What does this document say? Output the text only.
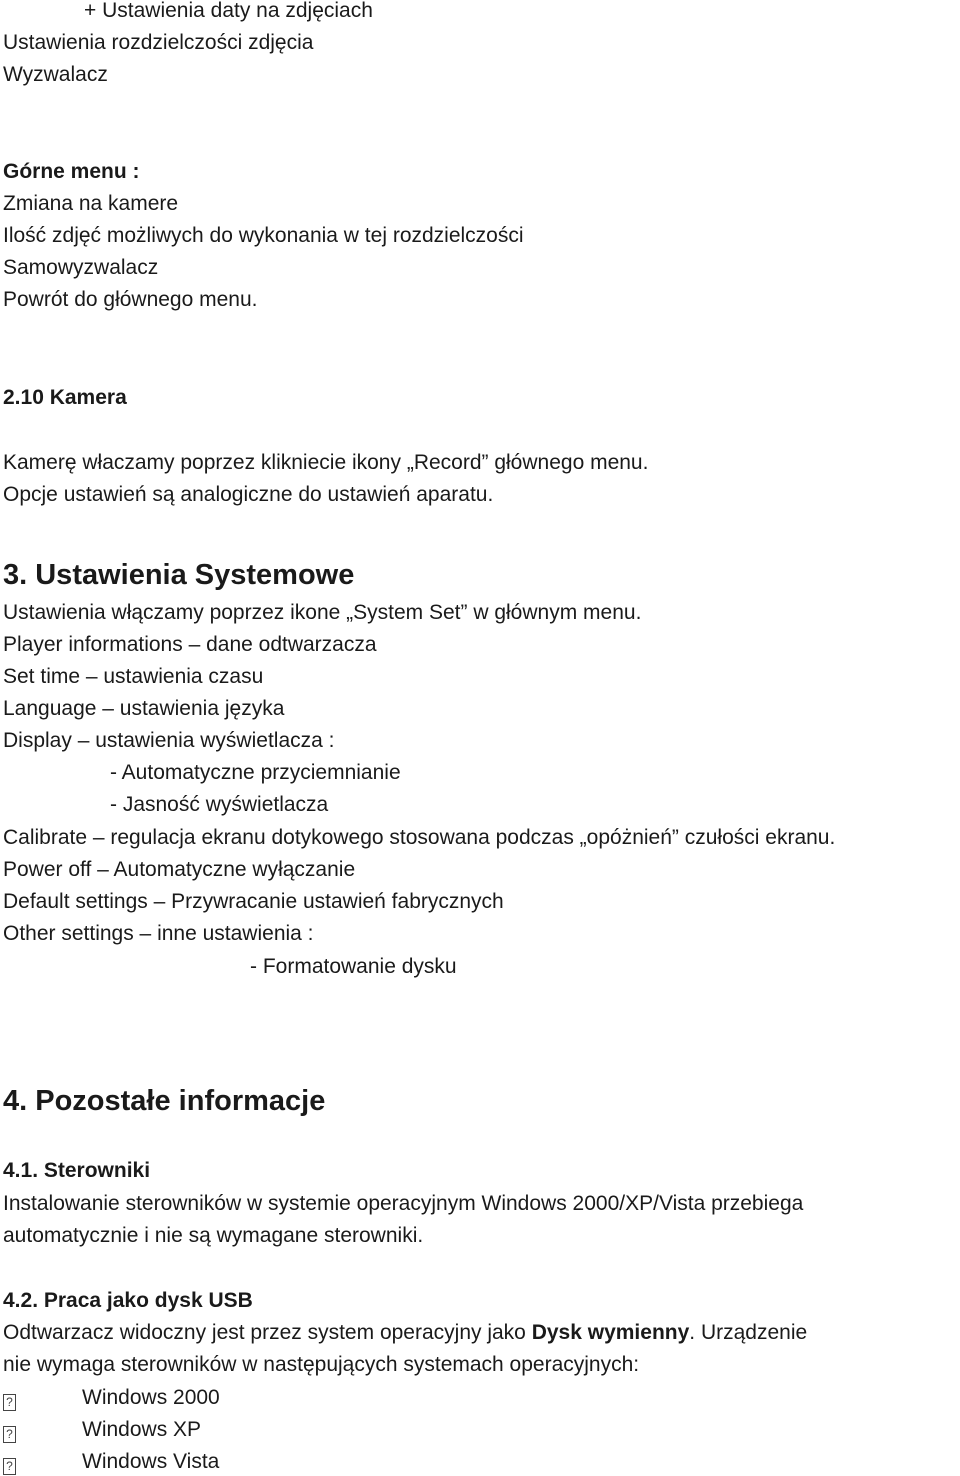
+ Ustawienia daty na zdjęciach
Ustawienia rozdzielczości zdjęcia
Wyzwalacz
Górne menu :
Zmiana na kamere
Ilość zdjęć możliwych do wykonania w tej rozdzielczości
Samowyzwalacz
Powrót do głównego menu.
2.10 Kamera
Kamerę właczamy poprzez klikniecie ikony „Record” głównego menu.
Opcje ustawień są analogiczne do ustawień aparatu.
3. Ustawienia Systemowe
Ustawienia włączamy poprzez ikone „System Set” w głównym menu.
Player informations – dane odtwarzacza
Set time – ustawienia czasu
Language – ustawienia języka
Display – ustawienia wyświetlacza :
- Automatyczne przyciemnianie
- Jasność wyświetlacza
Calibrate – regulacja ekranu dotykowego stosowana podczas „opóżnień” czułości ekranu.
Power off – Automatyczne wyłączanie
Default settings – Przywracanie ustawień fabrycznych
Other settings – inne ustawienia :
- Formatowanie dysku
4. Pozostałe informacje
4.1. Sterowniki
Instalowanie sterowników w systemie operacyjnym Windows 2000/XP/Vista przebiega
automatycznie i nie są wymagane sterowniki.
4.2. Praca jako dysk USB
Odtwarzacz widoczny jest przez system operacyjny jako Dysk wymienny. Urządzenie
nie wymaga sterowników w następujących systemach operacyjnych:
?	Windows 2000
?	Windows XP
?	Windows Vista
